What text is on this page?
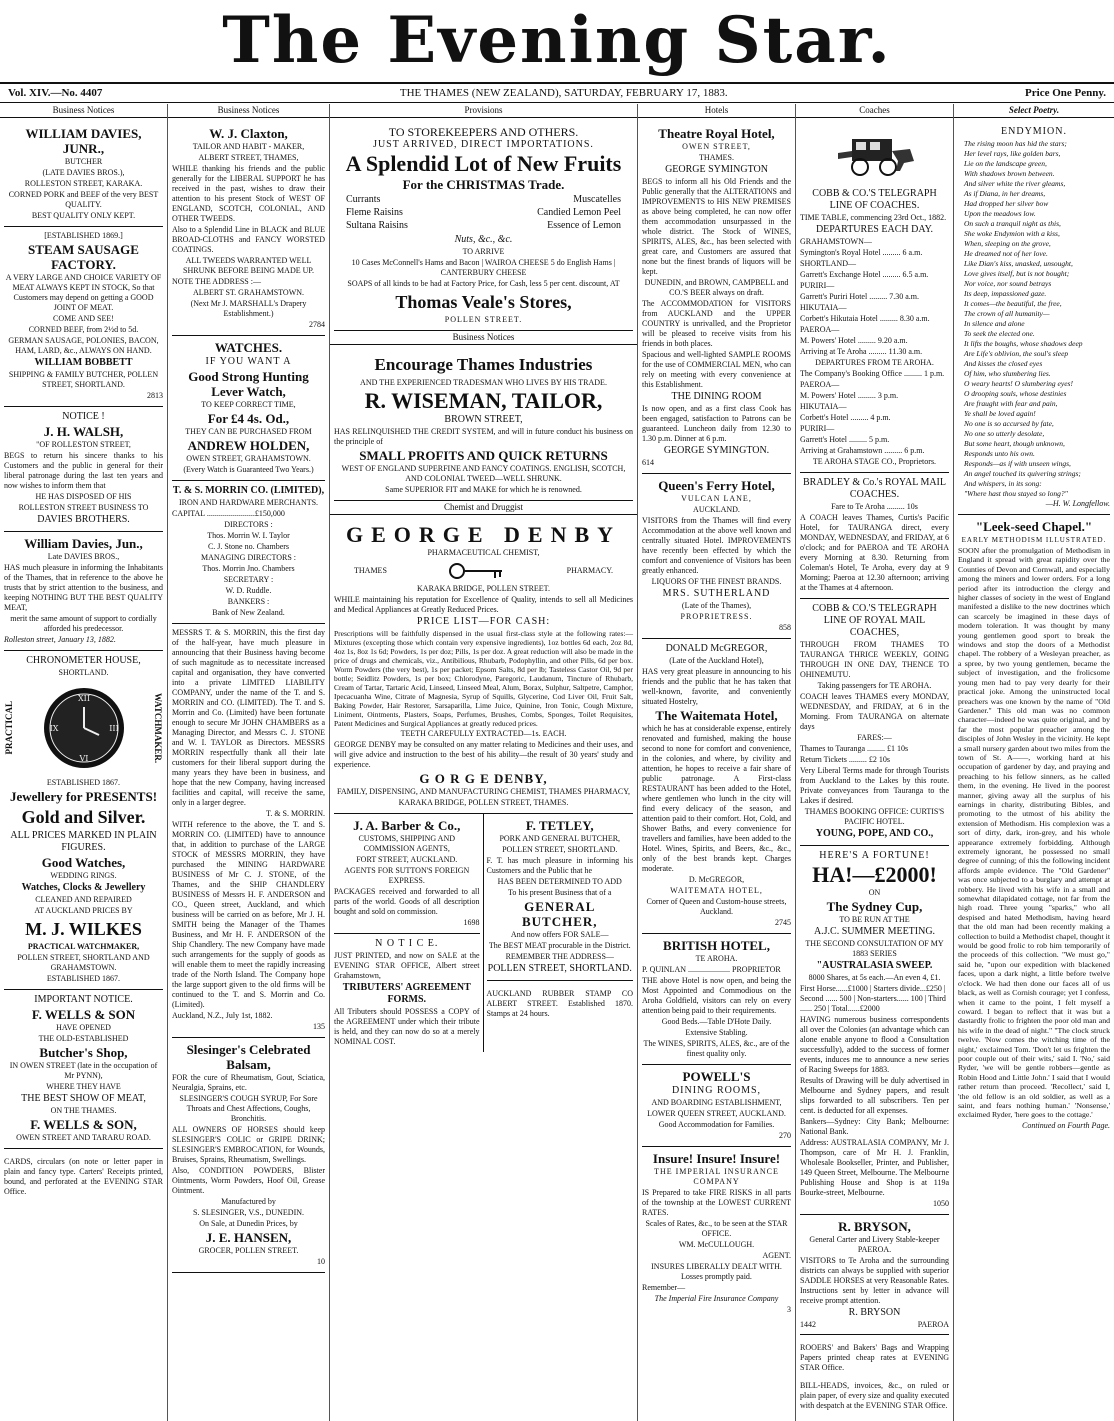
The Evening Star.
Vol. XIV.—No. 4407	THE THAMES (NEW ZEALAND), SATURDAY, FEBRUARY 17, 1883.	Price One Penny.
Business Notices

WILLIAM DAVIES, JUNR.,

BUTCHER

(LATE DAVIES BROS.),

ROLLESTON STREET, KARAKA.

CORNED PORK and BEEF of the very BEST QUALITY.

BEST QUALITY ONLY KEPT.

[ESTABLISHED 1869.]

STEAM SAUSAGE FACTORY.

A VERY LARGE AND CHOICE VARIETY OF MEAT ALWAYS KEPT IN STOCK, So that Customers may depend on getting a GOOD JOINT OF MEAT.

COME AND SEE!

CORNED BEEF, from 2½d to 5d.

GERMAN SAUSAGE, POLONIES, BACON, HAM, LARD, &c., ALWAYS ON HAND.

WILLIAM BOBBETT

SHIPPING & FAMILY BUTCHER, POLLEN STREET, SHORTLAND.

2813

NOTICE !

J. H. WALSH,

"OF ROLLESTON STREET,

BEGS to return his sincere thanks to his Customers and the public in general for their liberal patronage during the last ten years and now wishes to inform them that

HE HAS DISPOSED OF HIS

ROLLESTON STREET BUSINESS TO

DAVIES BROTHERS.

William Davies, Jun.,

Late DAVIES BROS.,

HAS much pleasure in informing the Inhabitants of the Thames, that in reference to the above he trusts that by strict attention to the business, and keeping NOTHING BUT THE BEST QUALITY MEAT,

merit the same amount of support to cordially afforded his predecessor.

Rolleston street, January 13, 1882.

CHRONOMETER HOUSE,

SHORTLAND.

PRACTICAL
XII
VI
IX	III	WATCHMAKER.

ESTABLISHED 1867.

Jewellery for PRESENTS!

Gold and Silver.

ALL PRICES MARKED IN PLAIN FIGURES.

Good Watches,

WEDDING RINGS.

Watches, Clocks & Jewellery

CLEANED AND REPAIRED

AT AUCKLAND PRICES BY

M. J. WILKES

PRACTICAL WATCHMAKER,

POLLEN STREET, SHORTLAND AND GRAHAMSTOWN.

ESTABLISHED 1867.

IMPORTANT NOTICE.

F. WELLS & SON

HAVE OPENED

THE OLD-ESTABLISHED

Butcher's Shop,

IN OWEN STREET (late in the occupation of Mr PYNN),

WHERE THEY HAVE

THE BEST SHOW OF MEAT,

ON THE THAMES.

F. WELLS & SON,

OWEN STREET AND TARARU ROAD.

CARDS, circulars (on note or letter paper in plain and fancy type. Carters' Receipts printed, bound, and perforated at the EVENING STAR Office.

Business Notices

W. J. Claxton,

TAILOR AND HABIT - MAKER,

ALBERT STREET, THAMES,

WHILE thanking his friends and the public generally for the LIBERAL SUPPORT he has received in the past, wishes to draw their attention to his present Stock of WEST OF ENGLAND, SCOTCH, COLONIAL, AND OTHER TWEEDS.

Also to a Splendid Line in BLACK and BLUE BROAD-CLOTHS and FANCY WORSTED COATINGS.

ALL TWEEDS WARRANTED WELL SHRUNK BEFORE BEING MADE UP.

NOTE THE ADDRESS :—

ALBERT ST. GRAHAMSTOWN.

(Next Mr J. MARSHALL's Drapery Establishment.)

2784

WATCHES.

IF YOU WANT A

Good Strong Hunting Lever Watch,

TO KEEP CORRECT TIME,

For £4 4s. Od.,

THEY CAN BE PURCHASED FROM

ANDREW HOLDEN,

OWEN STREET, GRAHAMSTOWN.

(Every Watch is Guaranteed Two Years.)

T. & S. MORRIN CO. (LIMITED),

IRON AND HARDWARE MERCHANTS.

CAPITAL ........................£150,000

DIRECTORS :

Thos. Morrin W. I. Taylor

C. J. Stone no. Chambers

MANAGING DIRECTORS :

Thos. Morrin Jno. Chambers

SECRETARY :

W. D. Ruddle.

BANKERS :

Bank of New Zealand.

MESSRS T. & S. MORRIN, this the first day of the half-year, have much pleasure in announcing that their Business having become of such magnitude as to necessitate increased capital and organisation, they have converted into a private LIMITED LIABILITY COMPANY, under the name of the T. and S. MORRIN and CO. (LIMITED). The T. and S. Morrin and Co. (Limited) have been fortunate enough to secure Mr JOHN CHAMBERS as a Managing Director, and Messrs C. J. STONE and W. I. TAYLOR as Directors. MESSRS MORRIN respectfully thank all their late customers for their liberal support during the many years they have been in business, and hope that the new Company, having increased facilities and capital, will receive the same, only in a larger degree.

T. & S. MORRIN.

WITH reference to the above, the T. and S. MORRIN CO. (LIMITED) have to announce that, in addition to purchase of the LARGE STOCK of MESSRS MORRIN, they have purchased the MINING HARDWARE BUSINESS of Mr C. J. STONE, of the Thames, and the SHIP CHANDLERY BUSINESS of Messrs H. F. ANDERSON and CO., Queen street, Auckland, and which business will be carried on as before, Mr J. H. SMITH being the Manager of the Thames Business, and Mr H. F. ANDERSON of the Ship Chandlery. The new Company have made such arrangements for the supply of goods as will enable them to meet the rapidly increasing trade of the North Island. The Company hope the large support given to the old firms will be continued to the T. and S. Morrin and Co. (Limited).

Auckland, N.Z., July 1st, 1882.

135

Slesinger's Celebrated Balsam,

FOR the cure of Rheumatism, Gout, Sciatica, Neuralgia, Sprains, etc.

SLESINGER'S COUGH SYRUP, For Sore Throats and Chest Affections, Coughs, Bronchitis.

ALL OWNERS OF HORSES should keep SLESINGER'S COLIC or GRIPE DRINK; SLESINGER'S EMBROCATION, for Wounds, Bruises, Sprains, Rheumatism, Swellings.

Also, CONDITION POWDERS, Blister Ointments, Worm Powders, Hoof Oil, Grease Ointment.

Manufactured by

S. SLESINGER, V.S., DUNEDIN.

On Sale, at Dunedin Prices, by

J. E. HANSEN,

GROCER, POLLEN STREET.

10

Provisions

TO STOREKEEPERS AND OTHERS.

JUST ARRIVED, DIRECT IMPORTATIONS.

A Splendid Lot of New Fruits

For the CHRISTMAS Trade.

Currants

Fleme Raisins

Sultana Raisins

Muscatelles

Candied Lemon Peel

Essence of Lemon

Nuts, &c., &c.

TO ARRIVE

10 Cases McConnell's Hams and Bacon | WAIROA CHEESE 5 do English Hams | CANTERBURY CHEESE

SOAPS of all kinds to be had at Factory Price, for Cash, less 5 per cent. discount, AT

Thomas Veale's Stores,

POLLEN STREET.

Business Notices

Encourage Thames Industries

AND THE EXPERIENCED TRADESMAN WHO LIVES BY HIS TRADE.

R. WISEMAN, TAILOR,

BROWN STREET,

HAS RELINQUISHED THE CREDIT SYSTEM, and will in future conduct his business on the principle of

SMALL PROFITS AND QUICK RETURNS

WEST OF ENGLAND SUPERFINE AND FANCY COATINGS. ENGLISH, SCOTCH, AND COLONIAL TWEED—WELL SHRUNK.

Same SUPERIOR FIT and MAKE for which he is renowned.

Chemist and Druggist

GEORGE DENBY

PHARMACEUTICAL CHEMIST,

THAMES	PHARMACY.

KARAKA BRIDGE, POLLEN STREET.

WHILE maintaining his reputation for Excellence of Quality, intends to sell all Medicines and Medical Appliances at Greatly Reduced Prices.

PRICE LIST—FOR CASH:

Prescriptions will be faithfully dispensed in the usual first-class style at the following rates:—Mixtures (excepting those which contain very expensive ingredients), 1oz bottles 6d each, 2oz 8d, 4oz 1s, 8oz 1s 6d; Powders, 1s per doz; Pills, 1s per doz. A great reduction will also be made in the price of drugs and chemicals, viz., Antibilious, Rhubarb, Podophyllin, and other Pills, 6d per box. Worm Powders (the very best), 1s per packet; Epsom Salts, 8d per lb; Tasteless Castor Oil, 9d per bottle; Seidlitz Powders, 1s per box; Chlorodyne, Paregoric, Laudanum, Tincture of Rhubarb, Cream of Tartar, Tartaric Acid, Linseed, Linseed Meal, Alum, Borax, Sulphur, Saltpetre, Camphor, Ipecacuanha Wine, Citrate of Magnesia, Syrup of Squills, Glycerine, Cod Liver Oil, Fruit Salt, Baking Powder, Hair Restorer, Sarsaparilla, Lime Juice, Quinine, Iron Tonic, Cough Mixture, Liniment, Ointments, Plasters, Soaps, Perfumes, Brushes, Combs, Sponges, Toilet Requisites, Patent Medicines and Surgical Appliances at greatly reduced prices.

TEETH CAREFULLY EXTRACTED—1s. EACH.

GEORGE DENBY may be consulted on any matter relating to Medicines and their uses, and will give advice and instruction to the best of his ability—the result of 30 years' study and experience.

G O R G E DENBY,

FAMILY, DISPENSING, AND MANUFACTURING CHEMIST, THAMES PHARMACY,

KARAKA BRIDGE, POLLEN STREET, THAMES.

J. A. Barber & Co.,

CUSTOMS, SHIPPING AND COMMISSION AGENTS,

FORT STREET, AUCKLAND.

AGENTS FOR SUTTON'S FOREIGN EXPRESS.

PACKAGES received and forwarded to all parts of the world. Goods of all description bought and sold on commission.

1698

N O T I C E.

JUST PRINTED, and now on SALE at the EVENING STAR OFFICE, Albert street Grahamstown,

TRIBUTERS' AGREEMENT FORMS.

All Tributers should POSSESS a COPY of the AGREEMENT under which their tribute is held, and they can now do so at a merely NOMINAL COST.

F. TETLEY,

PORK AND GENERAL BUTCHER,

POLLEN STREET, SHORTLAND.

F. T. has much pleasure in informing his Customers and the Public that he

HAS BEEN DETERMINED TO ADD

To his present Business that of a

GENERAL BUTCHER,

And now offers FOR SALE—

The BEST MEAT procurable in the District.

REMEMBER THE ADDRESS—

POLLEN STREET, SHORTLAND.

AUCKLAND RUBBER STAMP CO ALBERT STREET. Established 1870. Stamps at 24 hours.

Hotels

Theatre Royal Hotel,

OWEN STREET,

THAMES.

GEORGE SYMINGTON

BEGS to inform all his Old Friends and the Public generally that the ALTERATIONS and IMPROVEMENTS to HIS NEW PREMISES as above being completed, he can now offer them accommodation unsurpassed in the whole district. The Stock of WINES, SPIRITS, ALES, &c., has been selected with great care, and Customers are assured that none but the finest brands of liquors will be kept.

DUNEDIN, and BROWN, CAMPBELL and CO.'S BEER always on draft.

The ACCOMMODATION for VISITORS from AUCKLAND and the UPPER COUNTRY is unrivalled, and the Proprietor will be pleased to receive visits from his friends in both places.

Spacious and well-lighted SAMPLE ROOMS for the use of COMMERCIAL MEN, who can rely on meeting with every convenience at this Establishment.

THE DINING ROOM

Is now open, and as a first class Cook has been engaged, satisfaction to Patrons can be guaranteed. Luncheon daily from 12.30 to 1.30 p.m. Dinner at 6 p.m.

GEORGE SYMINGTON.

614

Queen's Ferry Hotel,

VULCAN LANE,

AUCKLAND.

VISITORS from the Thames will find every Accommodation at the above well known and centrally situated Hotel. IMPROVEMENTS have recently been effected by which the comfort and convenience of Visitors has been greatly enhanced.

LIQUORS OF THE FINEST BRANDS.

MRS. SUTHERLAND

(Late of the Thames),

PROPRIETRESS.

858

DONALD McGREGOR,

(Late of the Auckland Hotel),

HAS very great pleasure in announcing to his friends and the public that he has taken that well-known, favorite, and conveniently situated Hostelry,

The Waitemata Hotel,

which he has at considerable expense, entirely renovated and furnished, making the house second to none for comfort and convenience, in the colonies, and where, by civility and attention, he hopes to receive a fair share of public patronage. A First-class RESTAURANT has been added to the Hotel, where gentlemen who lunch in the city will find every delicacy of the season, and attention paid to their comfort. Hot, Cold, and Shower Baths, and every convenience for travellers and families, have been added to the Hotel. Wines, Spirits, and Beers, &c., &c., only of the best brands kept. Charges moderate.

D. McGREGOR,

WAITEMATA HOTEL,

Corner of Queen and Custom-house streets, Auckland.

2745

BRITISH HOTEL,

TE AROHA.

P. QUINLAN ..................... PROPRIETOR

THE above Hotel is now open, and being the Most Appointed and Commodious on the Aroha Goldfield, visitors can rely on every attention being paid to their requirements.

Good Beds.—Table D'Hote Daily.

Extensive Stabling.

The WINES, SPIRITS, ALES, &c., are of the finest quality only.

POWELL'S

DINING ROOMS,

AND BOARDING ESTABLISHMENT,

LOWER QUEEN STREET, AUCKLAND.

Good Accommodation for Families.

270

Insure! Insure! Insure!

THE IMPERIAL INSURANCE COMPANY

IS Prepared to take FIRE RISKS in all parts of the township at the LOWEST CURRENT RATES.

Scales of Rates, &c., to be seen at the STAR OFFICE.

WM. McCULLOUGH.

AGENT.

INSURES LIBERALLY DEALT WITH. Losses promptly paid.

Remember—

The Imperial Fire Insurance Company

3

Coaches

COBB & CO.'S TELEGRAPH LINE OF COACHES.

TIME TABLE, commencing 23rd Oct., 1882.

DEPARTURES EACH DAY.

GRAHAMSTOWN—

Symington's Royal Hotel ......... 6 a.m.

SHORTLAND—

Garrett's Exchange Hotel ......... 6.5 a.m.

PURIRI—

Garrett's Puriri Hotel ......... 7.30 a.m.

HIKUTAIA—

Corbett's Hikutaia Hotel ......... 8.30 a.m.

PAEROA—

M. Powers' Hotel ......... 9.20 a.m.

Arriving at Te Aroha ......... 11.30 a.m.

DEPARTURES FROM TE AROHA.

The Company's Booking Office ......... 1 p.m.

PAEROA—

M. Powers' Hotel ......... 3 p.m.

HIKUTAIA—

Corbett's Hotel ......... 4 p.m.

PURIRI—

Garrett's Hotel ......... 5 p.m.

Arriving at Grahamstown ......... 6 p.m.

TE AROHA STAGE CO., Proprietors.

BRADLEY & Co.'s ROYAL MAIL COACHES.

Fare to Te Aroha ......... 10s

A COACH leaves Thames, Curtis's Pacific Hotel, for TAURANGA direct, every MONDAY, WEDNESDAY, and FRIDAY, at 6 o'clock; and for PAEROA and TE AROHA every Morning at 8.30. Returning from Coleman's Hotel, Te Aroha, every day at 9 Morning; Paeroa at 12.30 afternoon; arriving at the Thames at 4 afternoon.

COBB & CO.'S TELEGRAPH LINE OF ROYAL MAIL COACHES,

THROUGH FROM THAMES TO TAURANGA THRICE WEEKLY, GOING THROUGH IN ONE DAY, THENCE TO OHINEMUTU.

Taking passengers for TE AROHA.

COACH leaves THAMES every MONDAY, WEDNESDAY, and FRIDAY, at 6 in the Morning. From TAURANGA on alternate days

FARES:—

Thames to Tauranga ......... £1 10s

Return Tickets ......... £2 10s

Very Liberal Terms made for through Tourists from Auckland to the Lakes by this route. Private conveyances from Tauranga to the Lakes if desired.

THAMES BOOKING OFFICE: CURTIS'S PACIFIC HOTEL.

YOUNG, POPE, AND CO.,

HERE'S A FORTUNE!

HA!—£2000!

ON

The Sydney Cup,

TO BE RUN AT THE

A.J.C. SUMMER MEETING.

THE SECOND CONSULTATION OF MY 1883 SERIES

"AUSTRALASIA SWEEP.

8000 Shares, at 5s each.—An even 4, £1.

First Horse......£1000 | Starters divide...£250 | Second ...... 500 | Non-starters...... 100 | Third ...... 250 | Total......£2000

HAVING numerous business correspondents all over the Colonies (an advantage which can alone enable anyone to flood a Consultation successfully), added to the success of former events, induces me to announce a new series of Racing Sweeps for 1883.

Results of Drawing will be duly advertised in Melbourne and Sydney papers, and result slips forwarded to all subscribers. Ten per cent. is deducted for all expenses.

Bankers—Sydney: City Bank; Melbourne: National Bank.

Address: AUSTRALASIA COMPANY, Mr J. Thompson, care of Mr H. J. Franklin, Wholesale Bookseller, Printer, and Publisher, 149 Queen Street, Melbourne. The Melbourne Publishing House and Shop is at 119a Bourke-street, Melbourne.

1050

R. BRYSON,

General Carter and Livery Stable-keeper PAEROA.

VISITORS to Te Aroha and the surrounding districts can always be supplied with superior SADDLE HORSES at very Reasonable Rates. Instructions sent by letter in advance will receive prompt attention.

R. BRYSON

1442	PAEROA

ROOERS' and Bakers' Bags and Wrapping Papers printed cheap rates at EVENING STAR Office.

BILL-HEADS, invoices, &c., on ruled or plain paper, of every size and quality executed with despatch at the EVENING STAR Office.

Select Poetry.

ENDYMION.

The rising moon has hid the stars;

Her level rays, like golden bars,

Lie on the landscape green,

With shadows brown between.

And silver white the river gleams,

As if Diana, in her dreams,

Had dropped her silver bow

Upon the meadows low.

On such a tranquil night as this,

She woke Endymion with a kiss,

When, sleeping on the grove,

He dreamed not of her love.

Like Dian's kiss, unasked, unsought,

Love gives itself, but is not bought;

Nor voice, nor sound betrays

Its deep, impassioned gaze.

It comes—the beautiful, the free,

The crown of all humanity—

In silence and alone

To seek the elected one.

It lifts the boughs, whose shadows deep

Are Life's oblivion, the soul's sleep

And kisses the closed eyes

Of him, who slumbering lies.

O weary hearts! O slumbering eyes!

O drooping souls, whose destinies

Are fraught with fear and pain,

Ye shall be loved again!

No one is so accursed by fate,

No one so utterly desolate,

But some heart, though unknown,

Responds unto his own.

Responds—as if with unseen wings,

An angel touched its quivering strings;

And whispers, in its song:

"Where hast thou stayed so long?"

—H. W. Longfellow.

"Leek-seed Chapel."

EARLY METHODISM ILLUSTRATED.

SOON after the promulgation of Methodism in England it spread with great rapidity over the Counties of Devon and Cornwall, and especially among the miners and lower orders. For a long period after its introduction the clergy and higher classes of society in the west of England manifested a dislike to the new doctrines which can scarcely be imagined in these days of modern toleration. It was thought by many young gentlemen good sport to break the windows and stop the doors of a Methodist chapel. The robbery of a Wesleyan preacher, as a spree, by two young gentlemen, became the subject of investigation, and the frolicsome young men had to pay very dearly for their practical joke. Among the uninstructed local preachers was one known by the name of "Old Gardener." This old man was no common character—indeed he was quite original, and by far the most popular preacher among the disciples of John Wesley in the vicinity. He kept a small nursery garden about two miles from the town of St. A——, working hard at his occupation of gardener by day, and praying and preaching to his fellow sinners, as he called them, in the evening. He lived in the poorest manner, giving away all the surplus of his earnings in charity, distributing Bibles, and promoting to the utmost of his ability the extension of Methodism. His complexion was a sort of dirty, dark, iron-grey, and his whole appearance extremely forbidding. Although extremely ignorant, he possessed no small degree of cunning; of this the following incident affords ample evidence. The "Old Gardener" was once subjected to a burglary and attempt at robbery. He lived with his wife in a small and somewhat dilapidated cottage, not far from the high road. Three young "sparks," who all despised and hated Methodism, having heard that the old man had been recently making a collection to build a Methodist chapel, thought it would be good frolic to rob him temporarily of the proceeds of this collection. "We must go," said he, "upon our expedition with blackened faces, upon a dark night, a little before twelve o'clock. We had then done our faces all of us black, as well as Cornish courage; yet I confess, when it came to the point, I felt myself a coward. I began to reflect that it was but a dastardly frolic to frighten the poor old man and his wife in the dead of night." "The clock struck twelve. 'Now comes the witching time of the night,' exclaimed Tom. 'Don't let us frighten the poor couple out of their wits,' said I. 'No,' said Ryder, 'we will be gentle robbers—gentle as Robin Hood and Little John.' I said that I would rather return than proceed. 'Recollect,' said I, 'the old fellow is an old soldier, as well as a saint, and fears nothing human.' 'Nonsense,' exclaimed Ryder, 'here goes to the cottage.'

Continued on Fourth Page.
